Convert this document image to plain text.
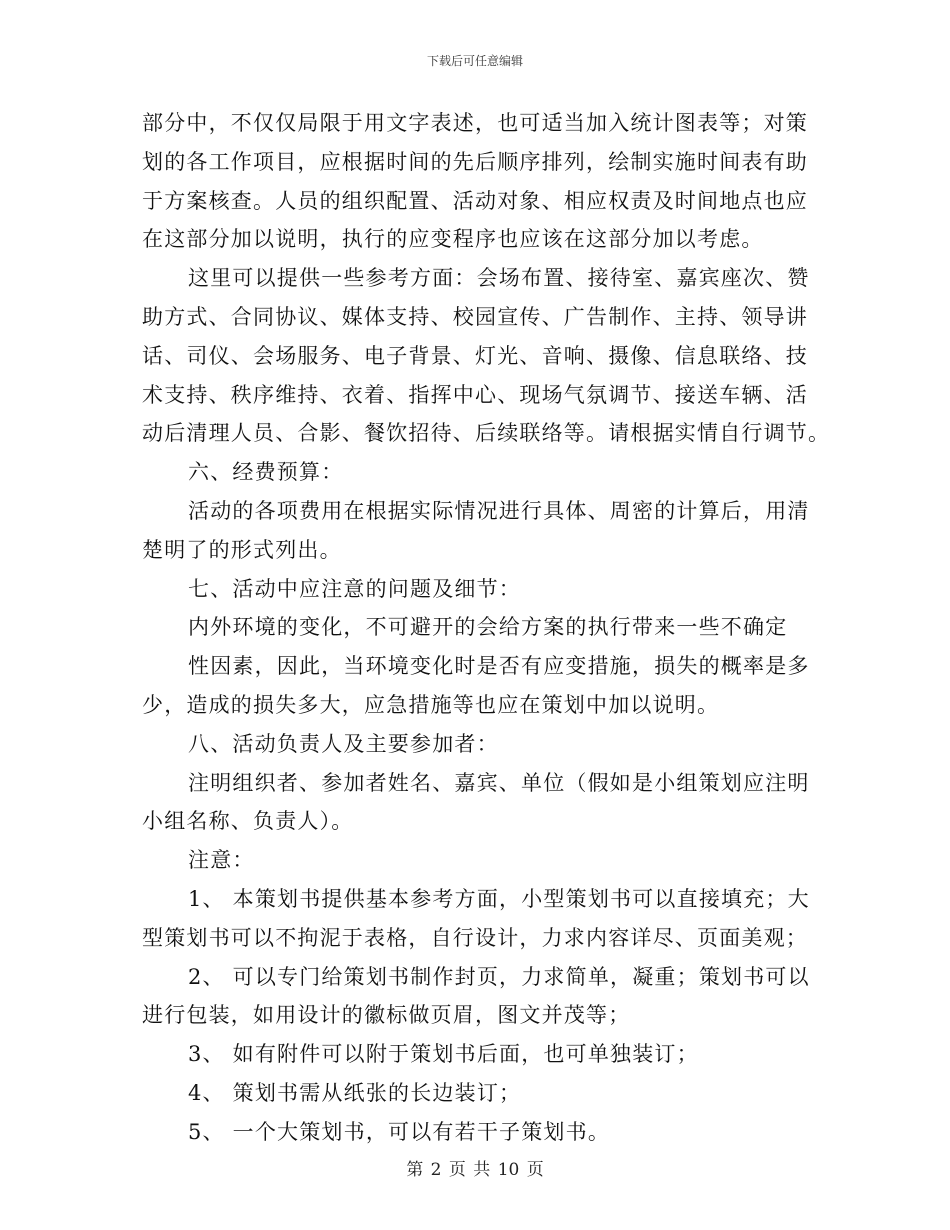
下载后可任意编辑
部分中，不仅仅局限于用文字表述，也可适当加入统计图表等；对策
划的各工作项目，应根据时间的先后顺序排列，绘制实施时间表有助
于方案核查。人员的组织配置、活动对象、相应权责及时间地点也应
在这部分加以说明，执行的应变程序也应该在这部分加以考虑。
这里可以提供一些参考方面：会场布置、接待室、嘉宾座次、赞
助方式、合同协议、媒体支持、校园宣传、广告制作、主持、领导讲
话、司仪、会场服务、电子背景、灯光、音响、摄像、信息联络、技
术支持、秩序维持、衣着、指挥中心、现场气氛调节、接送车辆、活
动后清理人员、合影、餐饮招待、后续联络等。请根据实情自行调节。
六、经费预算：
活动的各项费用在根据实际情况进行具体、周密的计算后，用清
楚明了的形式列出。
七、活动中应注意的问题及细节：
内外环境的变化，不可避开的会给方案的执行带来一些不确定
性因素，因此，当环境变化时是否有应变措施，损失的概率是多
少，造成的损失多大，应急措施等也应在策划中加以说明。
八、活动负责人及主要参加者：
注明组织者、参加者姓名、嘉宾、单位（假如是小组策划应注明
小组名称、负责人）。
注意：
1、 本策划书提供基本参考方面，小型策划书可以直接填充；大
型策划书可以不拘泥于表格，自行设计，力求内容详尽、页面美观；
2、 可以专门给策划书制作封页，力求简单，凝重；策划书可以
进行包装，如用设计的徽标做页眉，图文并茂等；
3、 如有附件可以附于策划书后面，也可单独装订；
4、 策划书需从纸张的长边装订；
5、 一个大策划书，可以有若干子策划书。
第 2 页 共 10 页
